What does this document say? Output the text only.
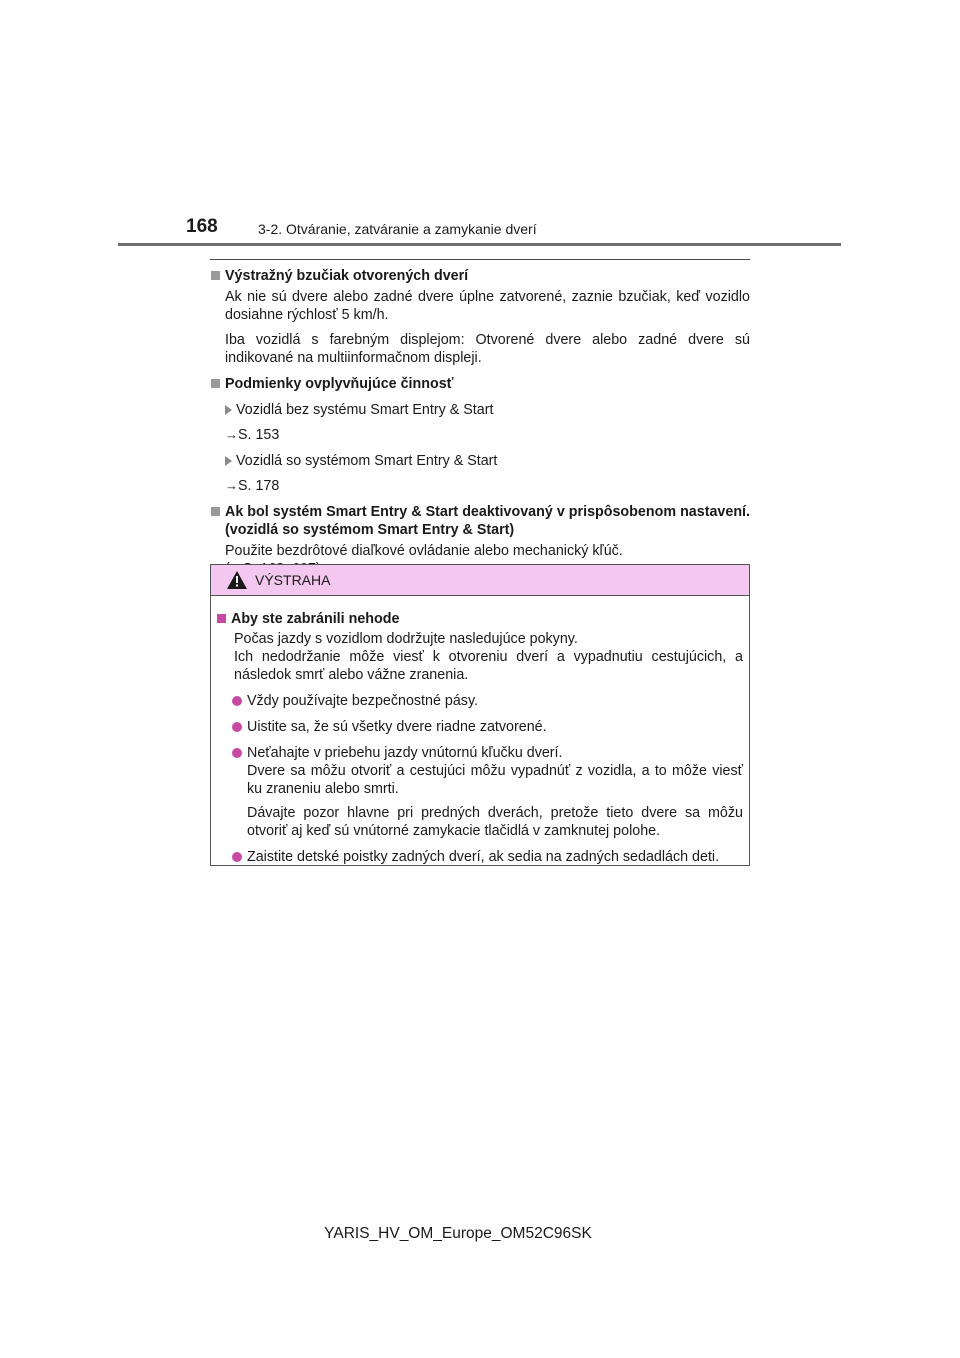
168	3-2. Otváranie, zatváranie a zamykanie dverí
Výstražný bzučiak otvorených dverí
Ak nie sú dvere alebo zadné dvere úplne zatvorené, zaznie bzučiak, keď vozidlo dosiahne rýchlosť 5 km/h.
Iba vozidlá s farebným displejom: Otvorené dvere alebo zadné dvere sú indikované na multiinformačnom displeji.
Podmienky ovplyvňujúce činnosť
Vozidlá bez systému Smart Entry & Start
→S. 153
Vozidlá so systémom Smart Entry & Start
→S. 178
Ak bol systém Smart Entry & Start deaktivovaný v prispôsobenom nastavení. (vozidlá so systémom Smart Entry & Start)
Použite bezdrôtové diaľkové ovládanie alebo mechanický kľúč.

VÝSTRAHA
Aby ste zabránili nehode
Počas jazdy s vozidlom dodržujte nasledujúce pokyny.
Ich nedodržanie môže viesť k otvoreniu dverí a vypadnutiu cestujúcich, a následok smrť alebo vážne zranenia.
Vždy používajte bezpečnostné pásy.
Uistite sa, že sú všetky dvere riadne zatvorené.
Neťahajte v priebehu jazdy vnútornú kľučku dverí.
Dvere sa môžu otvoriť a cestujúci môžu vypadnúť z vozidla, a to môže viesť ku zraneniu alebo smrti.
Dávajte pozor hlavne pri predných dverách, pretože tieto dvere sa môžu otvoriť aj keď sú vnútorné zamykacie tlačidlá v zamknutej polohe.
Zaistite detské poistky zadných dverí, ak sedia na zadných sedadlách deti.
YARIS_HV_OM_Europe_OM52C96SK
